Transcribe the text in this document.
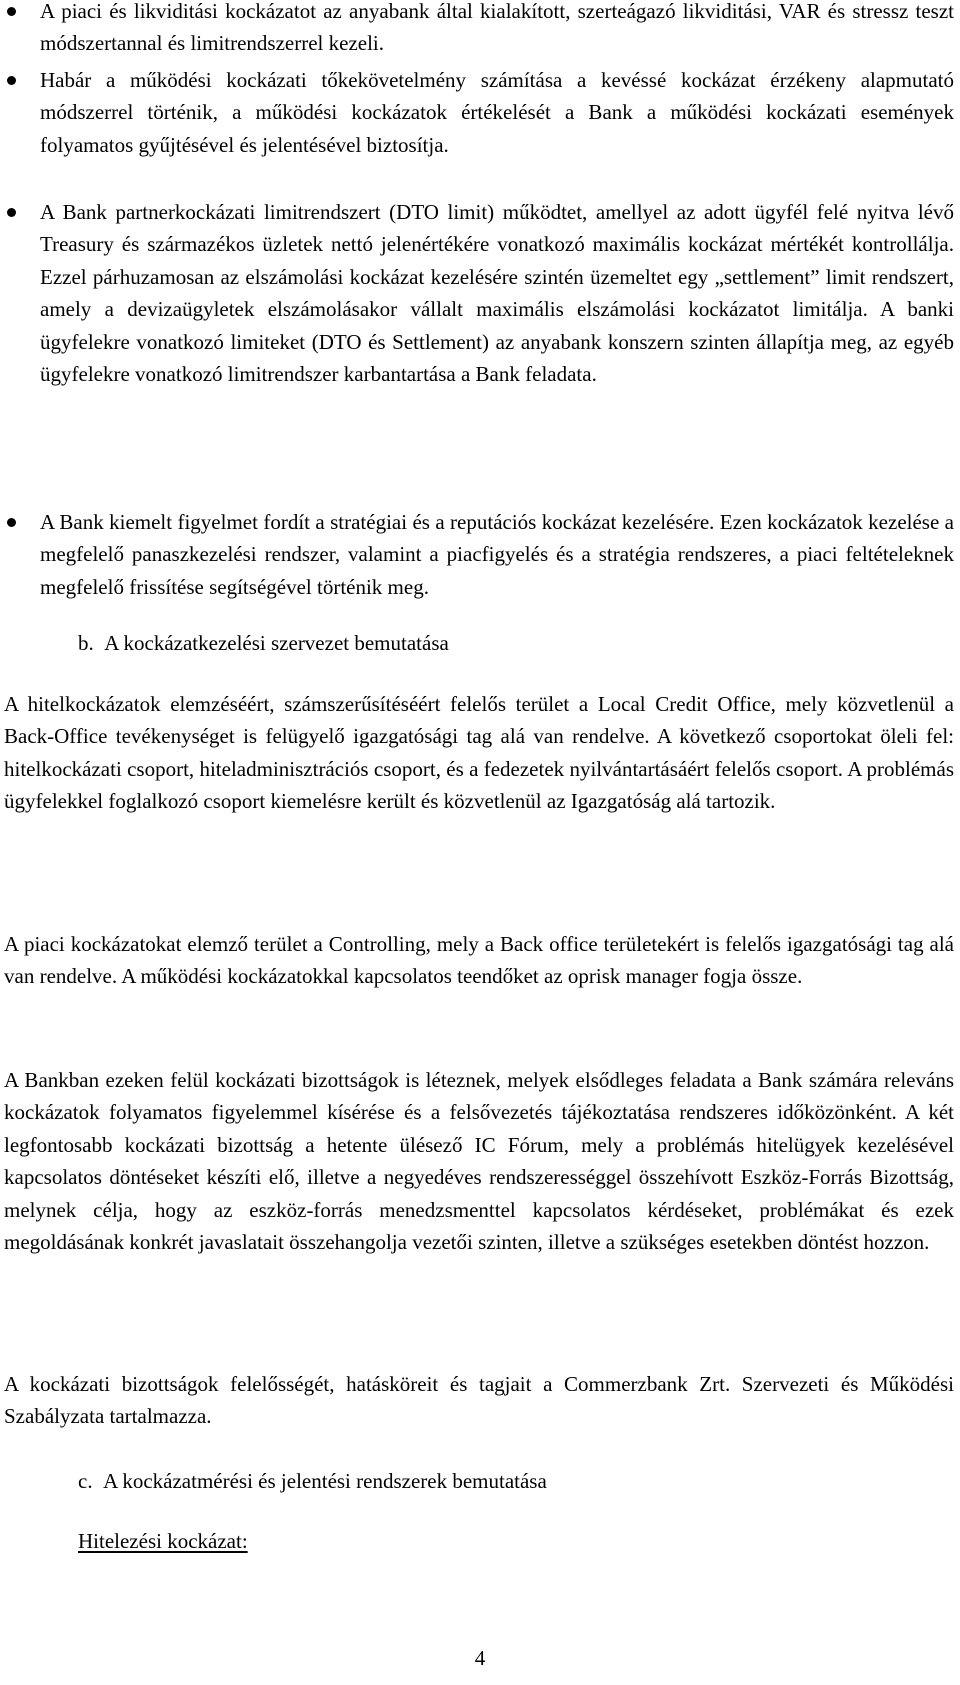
A piaci és likviditási kockázatot az anyabank által kialakított, szerteágazó likviditási, VAR és stressz teszt módszertannal és limitrendszerrel kezeli.
Habár a működési kockázati tőkekövetelmény számítása a kevéssé kockázat érzékeny alapmutató módszerrel történik, a működési kockázatok értékelését a Bank a működési kockázati események folyamatos gyűjtésével és jelentésével biztosítja.
A Bank partnerkockázati limitrendszert (DTO limit) működtet, amellyel az adott ügyfél felé nyitva lévő Treasury és származékos üzletek nettó jelenértékére vonatkozó maximális kockázat mértékét kontrollálja. Ezzel párhuzamosan az elszámolási kockázat kezelésére szintén üzemeltet egy „settlement” limit rendszert, amely a devizaügyletek elszámolásakor vállalt maximális elszámolási kockázatot limitálja. A banki ügyfelekre vonatkozó limiteket (DTO és Settlement) az anyabank konszern szinten állapítja meg, az egyéb ügyfelekre vonatkozó limitrendszer karbantartása a Bank feladata.
A Bank kiemelt figyelmet fordít a stratégiai és a reputációs kockázat kezelésére. Ezen kockázatok kezelése a megfelelő panaszkezelési rendszer, valamint a piacfigyelés és a stratégia rendszeres, a piaci feltételeknek megfelelő frissítése segítségével történik meg.
b. A kockázatkezelési szervezet bemutatása
A hitelkockázatok elemzéséért, számszerűsítéséért felelős terület a Local Credit Office, mely közvetlenül a Back-Office tevékenységet is felügyelő igazgatósági tag alá van rendelve. A következő csoportokat öleli fel: hitelkockázati csoport, hiteladminisztrációs csoport, és a fedezetek nyilvántartásáért felelős csoport. A problémás ügyfelekkel foglalkozó csoport kiemelésre került és közvetlenül az Igazgatóság alá tartozik.
A piaci kockázatokat elemző terület a Controlling, mely a Back office területekért is felelős igazgatósági tag alá van rendelve. A működési kockázatokkal kapcsolatos teendőket az oprisk manager fogja össze.
A Bankban ezeken felül kockázati bizottságok is léteznek, melyek elsődleges feladata a Bank számára releváns kockázatok folyamatos figyelemmel kísérése és a felsővezetés tájékoztatása rendszeres időközönként. A két legfontosabb kockázati bizottság a hetente ülésező IC Fórum, mely a problémás hitelügyek kezelésével kapcsolatos döntéseket készíti elő, illetve a negyedéves rendszerességgel összehívott Eszköz-Forrás Bizottság, melynek célja, hogy az eszköz-forrás menedzsmenttel kapcsolatos kérdéseket, problémákat és ezek megoldásának konkrét javaslatait összehangolja vezetői szinten, illetve a szükséges esetekben döntést hozzon.
A kockázati bizottságok felelősségét, hatásköreit és tagjait a Commerzbank Zrt. Szervezeti és Működési Szabályzata tartalmazza.
c. A kockázatmérési és jelentési rendszerek bemutatása
Hitelezési kockázat:
4
